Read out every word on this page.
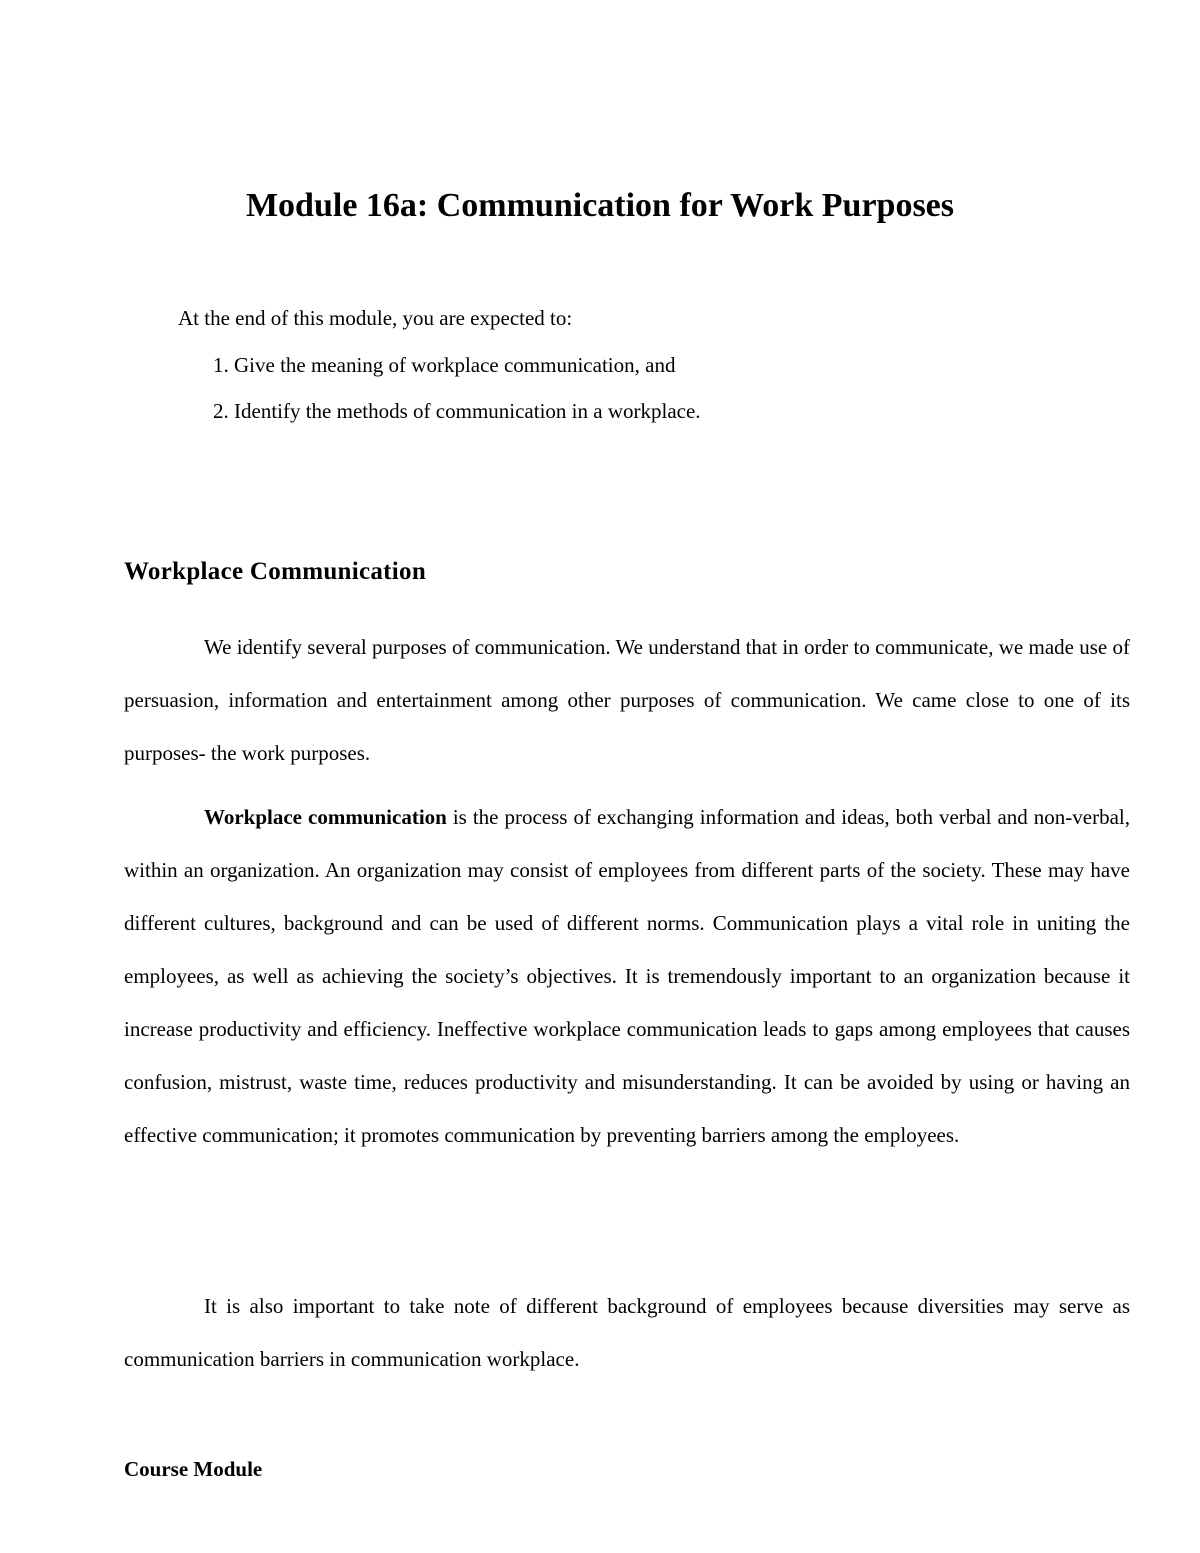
Module 16a: Communication for Work Purposes
At the end of this module, you are expected to:
1. Give the meaning of workplace communication, and
2. Identify the methods of communication in a workplace.
Workplace Communication

We identify several purposes of communication. We understand that in order to communicate, we made use of persuasion, information and entertainment among other purposes of communication. We came close to one of its purposes- the work purposes.

Workplace communication is the process of exchanging information and ideas, both verbal and non-verbal, within an organization. An organization may consist of employees from different parts of the society. These may have different cultures, background and can be used of different norms. Communication plays a vital role in uniting the employees, as well as achieving the society’s objectives. It is tremendously important to an organization because it increase productivity and efficiency. Ineffective workplace communication leads to gaps among employees that causes confusion, mistrust, waste time, reduces productivity and misunderstanding. It can be avoided by using or having an effective communication; it promotes communication by preventing barriers among the employees.

It is also important to take note of different background of employees because diversities may serve as communication barriers in communication workplace.

Course Module
